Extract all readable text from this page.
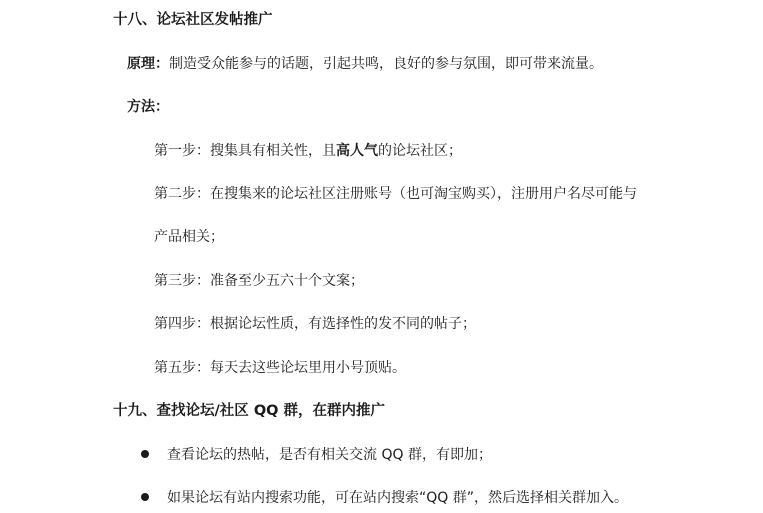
十八、论坛社区发帖推广
原理：制造受众能参与的话题，引起共鸣，良好的参与氛围，即可带来流量。
方法：
第一步：搜集具有相关性，且高人气的论坛社区；
第二步：在搜集来的论坛社区注册账号（也可淘宝购买），注册用户名尽可能与
产品相关；
第三步：准备至少五六十个文案；
第四步：根据论坛性质，有选择性的发不同的帖子；
第五步：每天去这些论坛里用小号顶贴。
十九、查找论坛/社区 QQ 群，在群内推广
查看论坛的热帖，是否有相关交流 QQ 群，有即加；
如果论坛有站内搜索功能，可在站内搜索“QQ 群”，然后选择相关群加入。
